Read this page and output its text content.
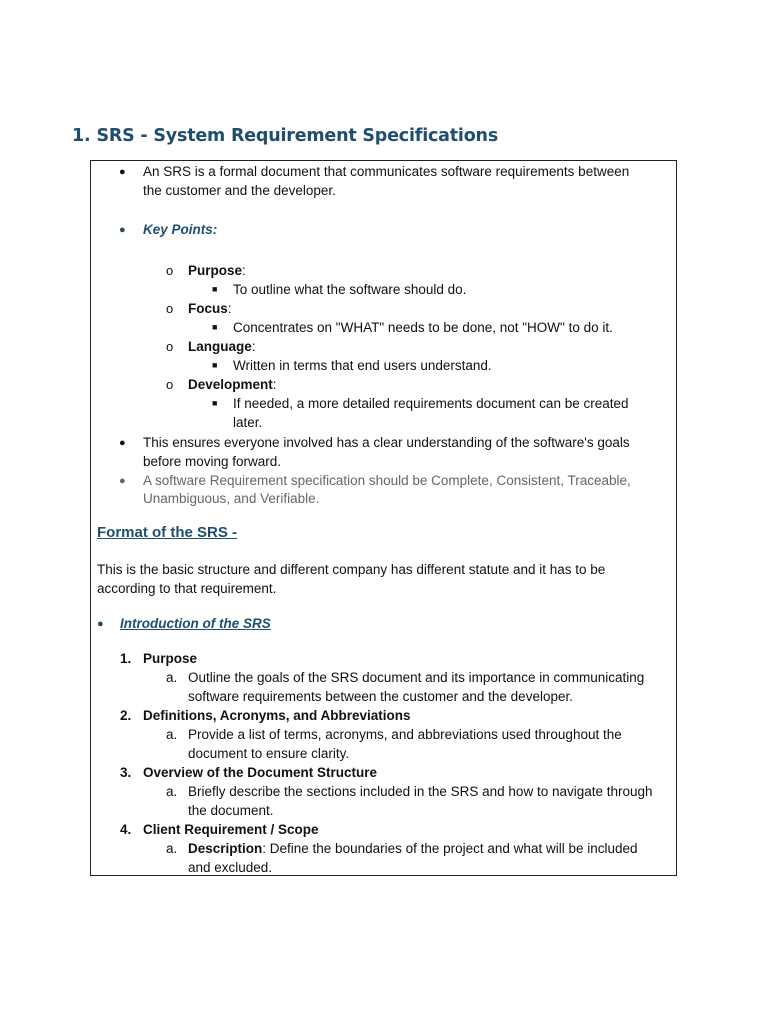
1. SRS - System Requirement Specifications
● An SRS is a formal document that communicates software requirements between
the customer and the developer.
● Key Points:
o Purpose:
■ To outline what the software should do.
o Focus:
■ Concentrates on "WHAT" needs to be done, not "HOW" to do it.
o Language:
■ Written in terms that end users understand.
o Development:
■ If needed, a more detailed requirements document can be created
later.
● This ensures everyone involved has a clear understanding of the software's goals
before moving forward.
● A software Requirement specification should be Complete, Consistent, Traceable,
Unambiguous, and Verifiable.
Format of the SRS -
This is the basic structure and different company has different statute and it has to be
according to that requirement.
● Introduction of the SRS
1. Purpose
a. Outline the goals of the SRS document and its importance in communicating
software requirements between the customer and the developer.
2. Definitions, Acronyms, and Abbreviations
a. Provide a list of terms, acronyms, and abbreviations used throughout the
document to ensure clarity.
3. Overview of the Document Structure
a. Briefly describe the sections included in the SRS and how to navigate through
the document.
4. Client Requirement / Scope
a. Description: Define the boundaries of the project and what will be included
and excluded.
